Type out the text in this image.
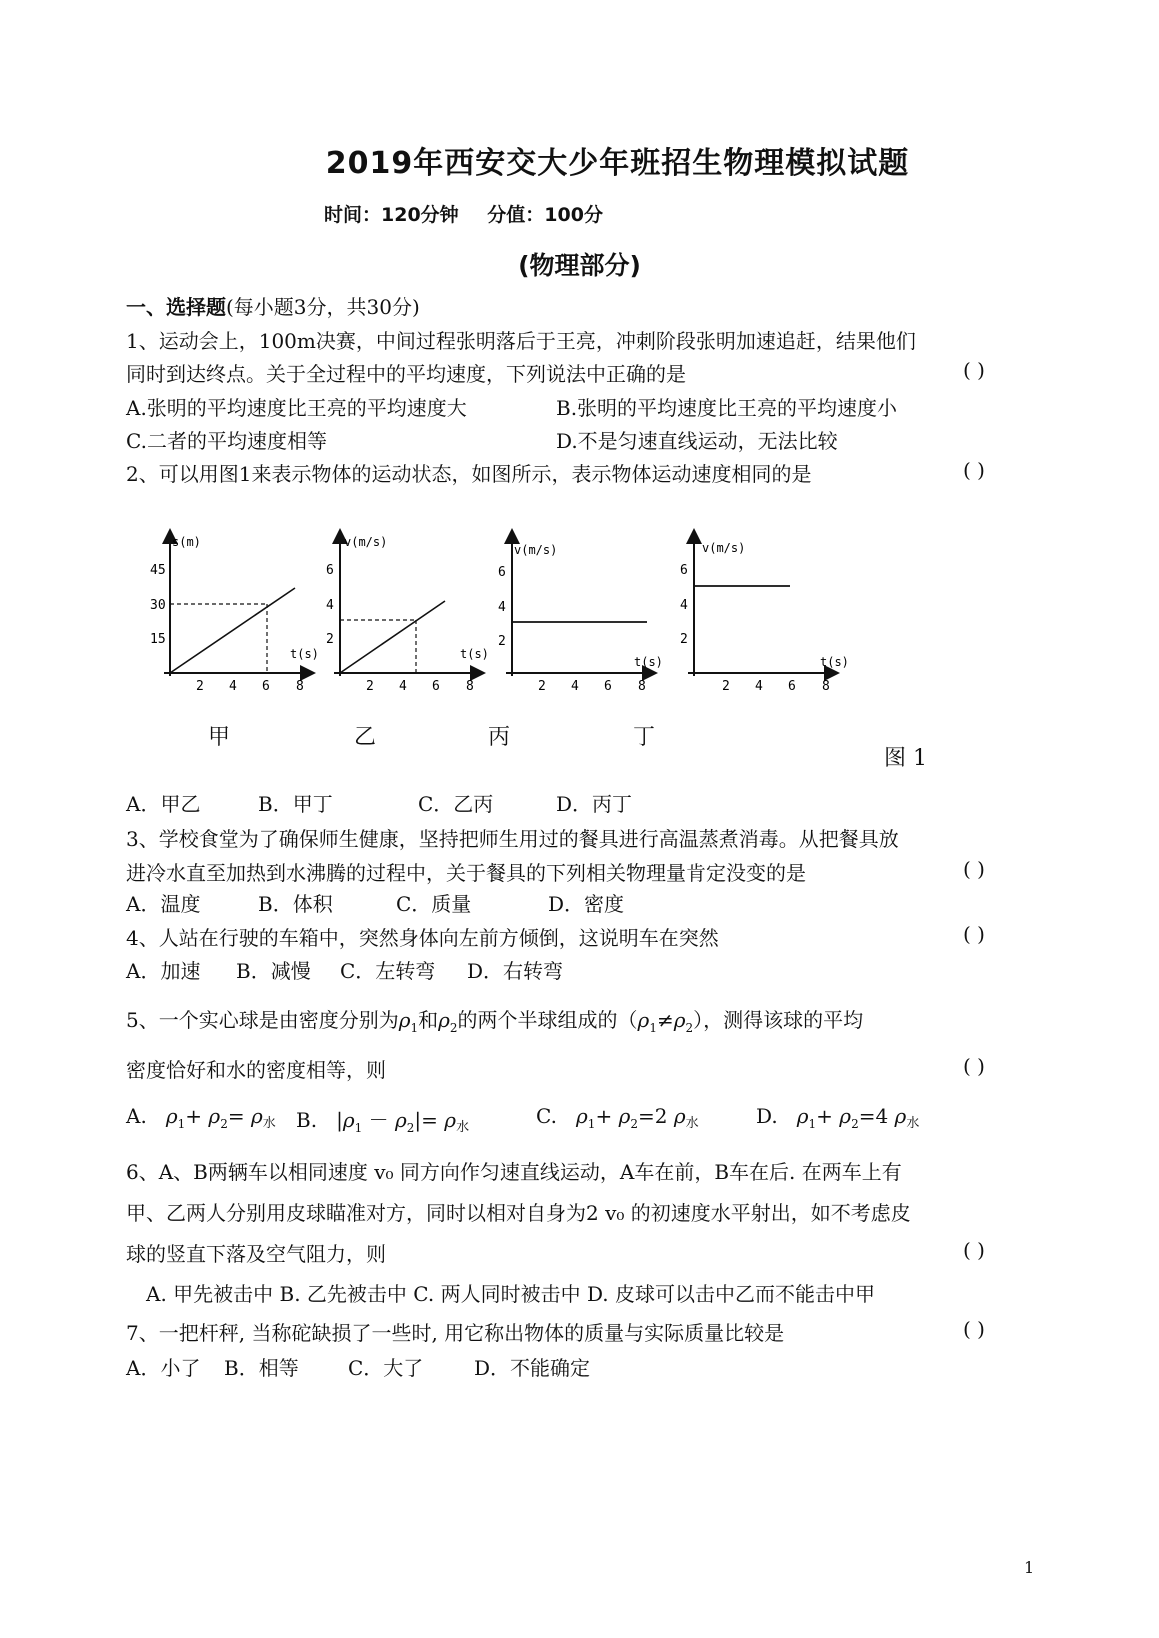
2019年西安交大少年班招生物理模拟试题
时间：120分钟 分值：100分
(物理部分)
一、选择题(每小题3分，共30分)
1、运动会上，100m决赛，中间过程张明落后于王亮，冲刺阶段张明加速追赶，结果他们
同时到达终点。关于全过程中的平均速度，下列说法中正确的是	( )
A.张明的平均速度比王亮的平均速度大	B.张明的平均速度比王亮的平均速度小
C.二者的平均速度相等	D.不是匀速直线运动，无法比较
2、可以用图1来表示物体的运动状态，如图所示，表示物体运动速度相同的是	( )
s(m)
t(s)
45
30
15
2 4 6 8
v(m/s)
t(s)
6
4
2
2 4 6 8
v(m/s)
t(s)
6
4
2
2 4 6 8
v(m/s)
t(s)
6
4
2
2 4 6 8
甲	乙	丙	丁
图 1
A．甲乙	B．甲丁	C．乙丙	D．丙丁
3、学校食堂为了确保师生健康，坚持把师生用过的餐具进行高温蒸煮消毒。从把餐具放
进冷水直至加热到水沸腾的过程中，关于餐具的下列相关物理量肯定没变的是	( )
A．温度	B．体积	C．质量	D．密度
4、人站在行驶的车箱中，突然身体向左前方倾倒，这说明车在突然	( )
A．加速 B．减慢 C．左转弯 D．右转弯
5、一个实心球是由密度分别为$\rho_1$和$\rho_2$的两个半球组成的$(\rho_1\ne\rho_2)$，测得该球的平均
密度恰好和水的密度相等，则	( )
A. $\rho_1+ \rho_2= \rho_水$ B. $|\rho_1 - \rho_2|= \rho_水$	C. $\rho_1+ \rho_2=2$ $\rho_水$	D. $\rho_1+ \rho_2=4$ $\rho_水$
6、A、B两辆车以相同速度 v₀ 同方向作匀速直线运动，A车在前，B车在后. 在两车上有
甲、乙两人分别用皮球瞄准对方，同时以相对自身为2 v₀ 的初速度水平射出，如不考虑皮
球的竖直下落及空气阻力，则	( )
A. 甲先被击中 B. 乙先被击中 C. 两人同时被击中 D. 皮球可以击中乙而不能击中甲
7、一把杆秤, 当称砣缺损了一些时, 用它称出物体的质量与实际质量比较是	( )
A．小了 B．相等 C．大了	D．不能确定
1
